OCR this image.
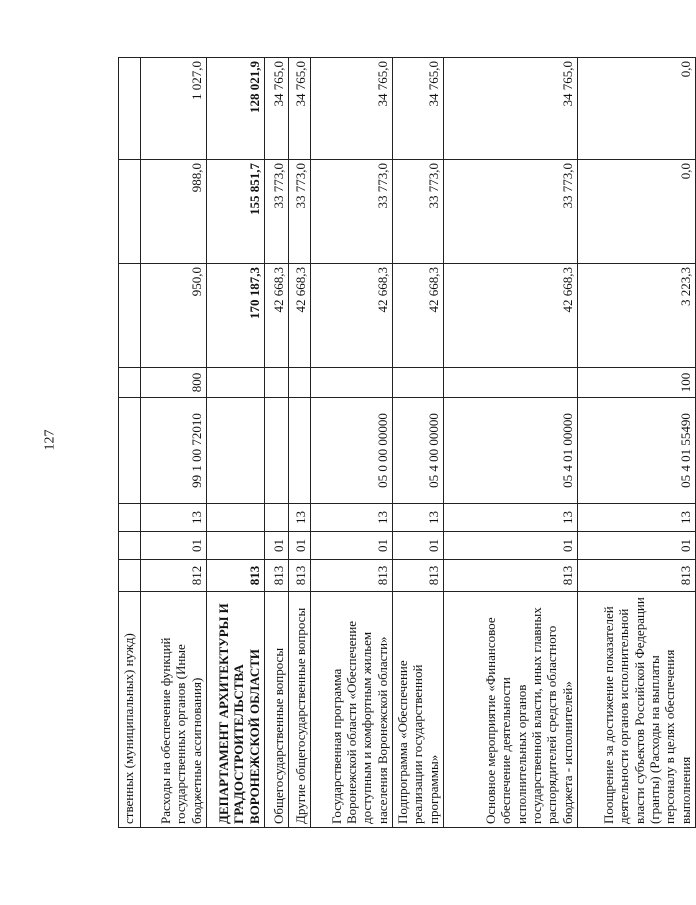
127
ственных (муниципальных) нужд)								
Расходы на обеспечение функций государственных органов (Иные бюджетные ассигнования)	812	01	13	99 1 00 72010	800	950,0	988,0	1 027,0
ДЕПАРТАМЕНТ АРХИТЕКТУРЫ И ГРАДОСТРОИТЕЛЬСТВА ВОРОНЕЖСКОЙ ОБЛАСТИ	813					170 187,3	155 851,7	128 021,9
Общегосударственные вопросы	813	01				42 668,3	33 773,0	34 765,0
Другие общегосударственные вопросы	813	01	13			42 668,3	33 773,0	34 765,0
Государственная программа Воронежской области «Обеспечение доступным и комфортным жильем населения Воронежской области»	813	01	13	05 0 00 00000		42 668,3	33 773,0	34 765,0
Подпрограмма «Обеспечение реализации государственной программы»	813	01	13	05 4 00 00000		42 668,3	33 773,0	34 765,0
Основное мероприятие «Финансовое обеспечение деятельности исполнительных органов государственной власти, иных главных распорядителей средств областного бюджета - исполнителей»	813	01	13	05 4 01 00000		42 668,3	33 773,0	34 765,0
Поощрение за достижение показателей деятельности органов исполнительной власти субъектов Российской Федерации (гранты) (Расходы на выплаты персоналу в целях обеспечения выполнения	813	01	13	05 4 01 55490	100	3 223,3	0,0	0,0
